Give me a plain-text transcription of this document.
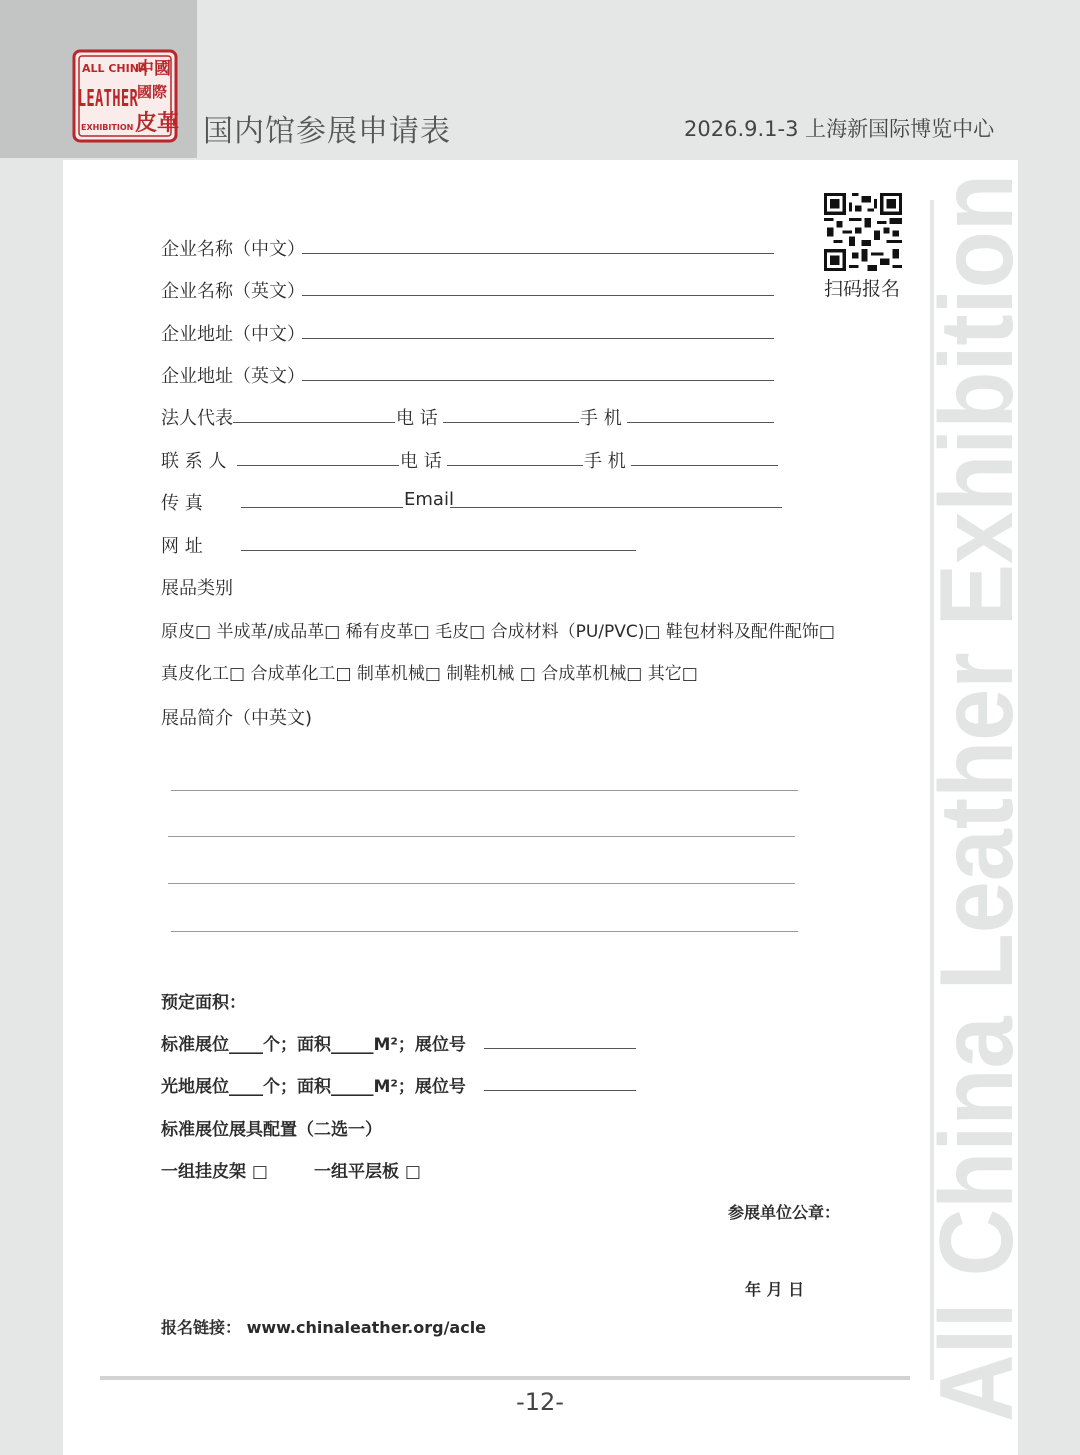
ALL CHINA
LEATHER
EXHIBITION
中國
國際
皮革 国内馆参展申请表	2026.9.1-3 上海新国际博览中心
扫码报名
企业名称（中文）
企业名称（英文）
企业地址（中文）
企业地址（英文）
法人代表	电 话	手 机
联 系 人	电 话	手 机
传 真	Email
网 址
展品类别
原皮□ 半成革/成品革□ 稀有皮革□ 毛皮□ 合成材料（PU/PVC)□ 鞋包材料及配件配饰□
真皮化工□ 合成革化工□ 制革机械□ 制鞋机械 □ 合成革机械□ 其它□
展品简介（中英文)
预定面积：
标准展位____个；面积_____M²；展位号
光地展位____个；面积_____M²；展位号
标准展位展具配置（二选一）
一组挂皮架 □	一组平层板 □
参展单位公章：
年 月 日
报名链接： www.chinaleather.org/acle	All China Leather Exhibition
-12-
